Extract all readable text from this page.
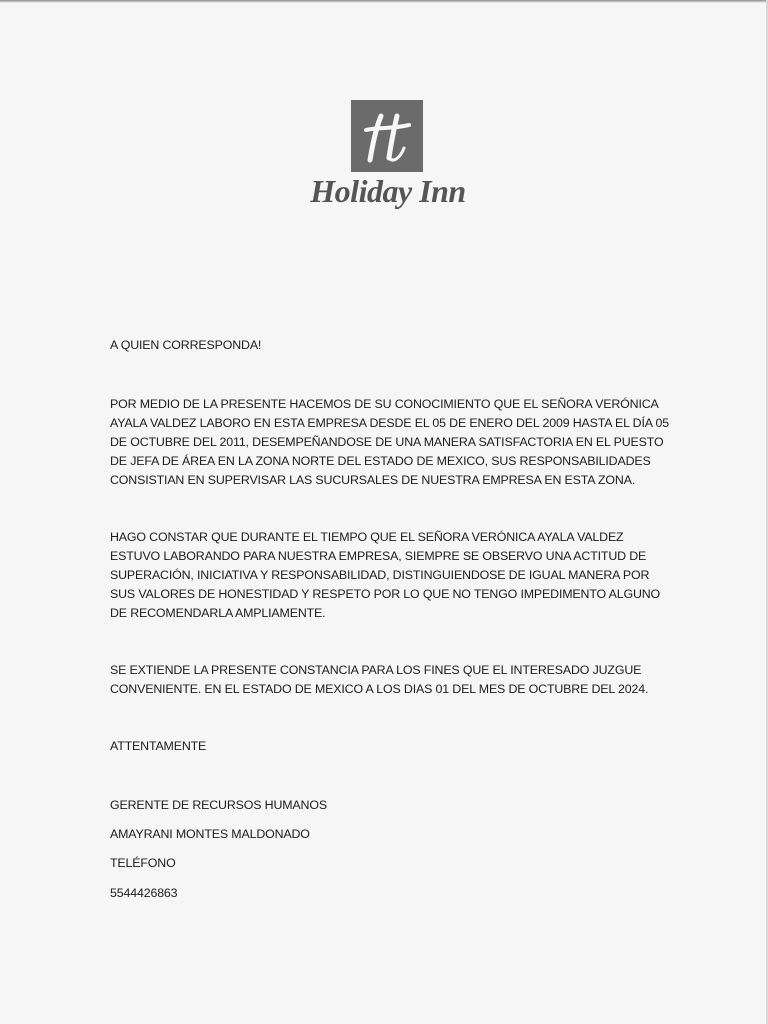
Holiday Inn
A QUIEN CORRESPONDA!
POR MEDIO DE LA PRESENTE HACEMOS DE SU CONOCIMIENTO QUE EL SEÑORA VERÓNICA AYALA VALDEZ LABORO EN ESTA EMPRESA DESDE EL 05 DE ENERO DEL 2009 HASTA EL DÍA 05 DE OCTUBRE DEL 2011, DESEMPEÑANDOSE DE UNA MANERA SATISFACTORIA EN EL PUESTO DE JEFA DE ÁREA EN LA ZONA NORTE DEL ESTADO DE MEXICO, SUS RESPONSABILIDADES CONSISTIAN EN SUPERVISAR LAS SUCURSALES DE NUESTRA EMPRESA EN ESTA ZONA.
HAGO CONSTAR QUE DURANTE EL TIEMPO QUE EL SEÑORA VERÓNICA AYALA VALDEZ ESTUVO LABORANDO PARA NUESTRA EMPRESA, SIEMPRE SE OBSERVO UNA ACTITUD DE SUPERACIÓN, INICIATIVA Y RESPONSABILIDAD, DISTINGUIENDOSE DE IGUAL MANERA POR SUS VALORES DE HONESTIDAD Y RESPETO POR LO QUE NO TENGO IMPEDIMENTO ALGUNO DE RECOMENDARLA AMPLIAMENTE.
SE EXTIENDE LA PRESENTE CONSTANCIA PARA LOS FINES QUE EL INTERESADO JUZGUE CONVENIENTE. EN EL ESTADO DE MEXICO A LOS DIAS 01 DEL MES DE OCTUBRE DEL 2024.
ATTENTAMENTE
GERENTE DE RECURSOS HUMANOS
AMAYRANI MONTES MALDONADO
TELÉFONO
5544426863
